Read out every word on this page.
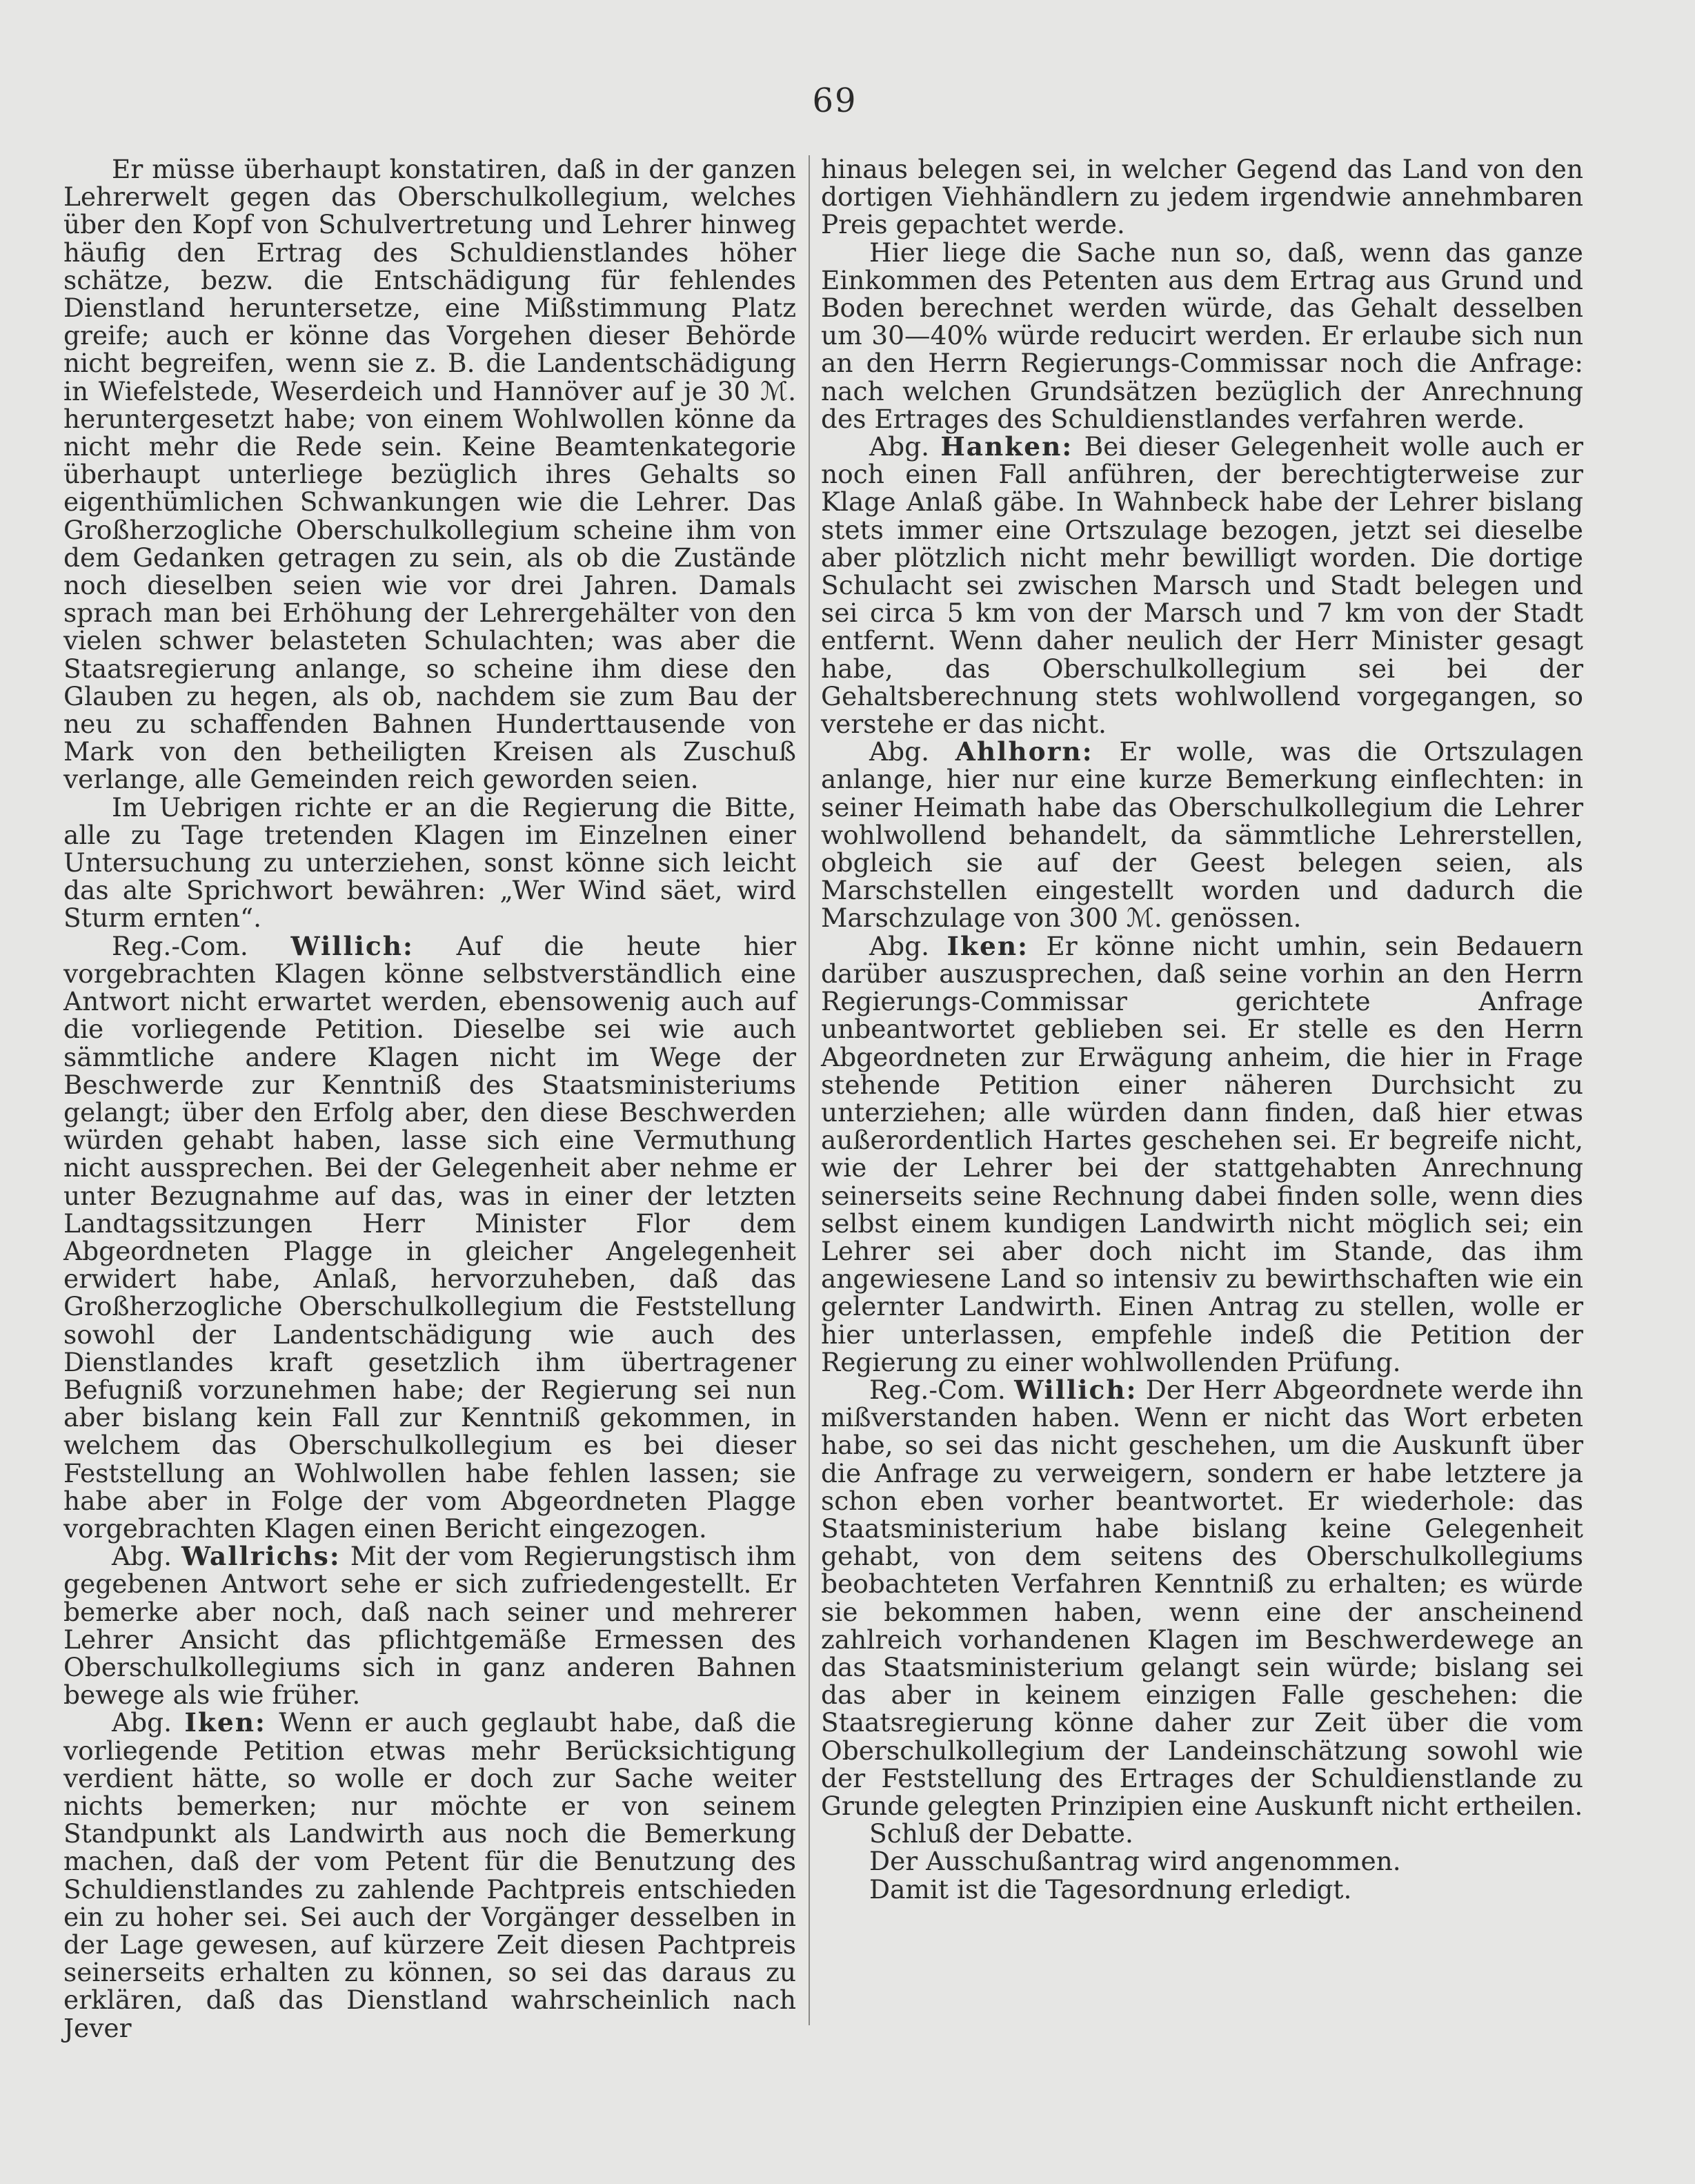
69

Er müsse überhaupt konstatiren, daß in der ganzen Lehrerwelt gegen das Oberschulkollegium, welches über den Kopf von Schulvertretung und Lehrer hinweg häufig den Ertrag des Schuldienstlandes höher schätze, bezw. die Entschädigung für fehlendes Dienstland heruntersetze, eine Mißstimmung Platz greife; auch er könne das Vorgehen dieser Behörde nicht begreifen, wenn sie z. B. die Landentschädigung in Wiefelstede, Weserdeich und Hannöver auf je 30 ℳ. heruntergesetzt habe; von einem Wohlwollen könne da nicht mehr die Rede sein. Keine Beamtenkategorie überhaupt unterliege bezüglich ihres Gehalts so eigenthümlichen Schwankungen wie die Lehrer. Das Großherzogliche Oberschulkollegium scheine ihm von dem Gedanken getragen zu sein, als ob die Zustände noch dieselben seien wie vor drei Jahren. Damals sprach man bei Erhöhung der Lehrergehälter von den vielen schwer belasteten Schulachten; was aber die Staatsregierung anlange, so scheine ihm diese den Glauben zu hegen, als ob, nachdem sie zum Bau der neu zu schaffenden Bahnen Hunderttausende von Mark von den betheiligten Kreisen als Zuschuß verlange, alle Gemeinden reich geworden seien.

Im Uebrigen richte er an die Regierung die Bitte, alle zu Tage tretenden Klagen im Einzelnen einer Untersuchung zu unterziehen, sonst könne sich leicht das alte Sprichwort bewähren: „Wer Wind säet, wird Sturm ernten“.

Reg.-Com. Willich: Auf die heute hier vorgebrachten Klagen könne selbstverständlich eine Antwort nicht erwartet werden, ebensowenig auch auf die vorliegende Petition. Dieselbe sei wie auch sämmtliche andere Klagen nicht im Wege der Beschwerde zur Kenntniß des Staatsministeriums gelangt; über den Erfolg aber, den diese Beschwerden würden gehabt haben, lasse sich eine Vermuthung nicht aussprechen. Bei der Gelegenheit aber nehme er unter Bezugnahme auf das, was in einer der letzten Landtagssitzungen Herr Minister Flor dem Abgeordneten Plagge in gleicher Angelegenheit erwidert habe, Anlaß, hervorzuheben, daß das Großherzogliche Oberschulkollegium die Feststellung sowohl der Landentschädigung wie auch des Dienstlandes kraft gesetzlich ihm übertragener Befugniß vorzunehmen habe; der Regierung sei nun aber bislang kein Fall zur Kenntniß gekommen, in welchem das Oberschulkollegium es bei dieser Feststellung an Wohlwollen habe fehlen lassen; sie habe aber in Folge der vom Abgeordneten Plagge vorgebrachten Klagen einen Bericht eingezogen.

Abg. Wallrichs: Mit der vom Regierungstisch ihm gegebenen Antwort sehe er sich zufriedengestellt. Er bemerke aber noch, daß nach seiner und mehrerer Lehrer Ansicht das pflichtgemäße Ermessen des Oberschulkollegiums sich in ganz anderen Bahnen bewege als wie früher.

Abg. Iken: Wenn er auch geglaubt habe, daß die vorliegende Petition etwas mehr Berücksichtigung verdient hätte, so wolle er doch zur Sache weiter nichts bemerken; nur möchte er von seinem Standpunkt als Landwirth aus noch die Bemerkung machen, daß der vom Petent für die Benutzung des Schuldienstlandes zu zahlende Pachtpreis entschieden ein zu hoher sei. Sei auch der Vorgänger desselben in der Lage gewesen, auf kürzere Zeit diesen Pachtpreis seinerseits erhalten zu können, so sei das daraus zu erklären, daß das Dienstland wahrscheinlich nach Jever

hinaus belegen sei, in welcher Gegend das Land von den dortigen Viehhändlern zu jedem irgendwie annehmbaren Preis gepachtet werde.

Hier liege die Sache nun so, daß, wenn das ganze Einkommen des Petenten aus dem Ertrag aus Grund und Boden berechnet werden würde, das Gehalt desselben um 30—40% würde reducirt werden. Er erlaube sich nun an den Herrn Regierungs-Commissar noch die Anfrage: nach welchen Grundsätzen bezüglich der Anrechnung des Ertrages des Schuldienstlandes verfahren werde.

Abg. Hanken: Bei dieser Gelegenheit wolle auch er noch einen Fall anführen, der berechtigterweise zur Klage Anlaß gäbe. In Wahnbeck habe der Lehrer bislang stets immer eine Ortszulage bezogen, jetzt sei dieselbe aber plötzlich nicht mehr bewilligt worden. Die dortige Schulacht sei zwischen Marsch und Stadt belegen und sei circa 5 km von der Marsch und 7 km von der Stadt entfernt. Wenn daher neulich der Herr Minister gesagt habe, das Oberschulkollegium sei bei der Gehaltsberechnung stets wohlwollend vorgegangen, so verstehe er das nicht.

Abg. Ahlhorn: Er wolle, was die Ortszulagen anlange, hier nur eine kurze Bemerkung einflechten: in seiner Heimath habe das Oberschulkollegium die Lehrer wohlwollend behandelt, da sämmtliche Lehrerstellen, obgleich sie auf der Geest belegen seien, als Marschstellen eingestellt worden und dadurch die Marschzulage von 300 ℳ. genössen.

Abg. Iken: Er könne nicht umhin, sein Bedauern darüber auszusprechen, daß seine vorhin an den Herrn Regierungs-Commissar gerichtete Anfrage unbeantwortet geblieben sei. Er stelle es den Herrn Abgeordneten zur Erwägung anheim, die hier in Frage stehende Petition einer näheren Durchsicht zu unterziehen; alle würden dann finden, daß hier etwas außerordentlich Hartes geschehen sei. Er begreife nicht, wie der Lehrer bei der stattgehabten Anrechnung seinerseits seine Rechnung dabei finden solle, wenn dies selbst einem kundigen Landwirth nicht möglich sei; ein Lehrer sei aber doch nicht im Stande, das ihm angewiesene Land so intensiv zu bewirthschaften wie ein gelernter Landwirth. Einen Antrag zu stellen, wolle er hier unterlassen, empfehle indeß die Petition der Regierung zu einer wohlwollenden Prüfung.

Reg.-Com. Willich: Der Herr Abgeordnete werde ihn mißverstanden haben. Wenn er nicht das Wort erbeten habe, so sei das nicht geschehen, um die Auskunft über die Anfrage zu verweigern, sondern er habe letztere ja schon eben vorher beantwortet. Er wiederhole: das Staatsministerium habe bislang keine Gelegenheit gehabt, von dem seitens des Oberschulkollegiums beobachteten Verfahren Kenntniß zu erhalten; es würde sie bekommen haben, wenn eine der anscheinend zahlreich vorhandenen Klagen im Beschwerdewege an das Staatsministerium gelangt sein würde; bislang sei das aber in keinem einzigen Falle geschehen: die Staatsregierung könne daher zur Zeit über die vom Oberschulkollegium der Landeinschätzung sowohl wie der Feststellung des Ertrages der Schuldienstlande zu Grunde gelegten Prinzipien eine Auskunft nicht ertheilen.

Schluß der Debatte.

Der Ausschußantrag wird angenommen.

Damit ist die Tagesordnung erledigt.
